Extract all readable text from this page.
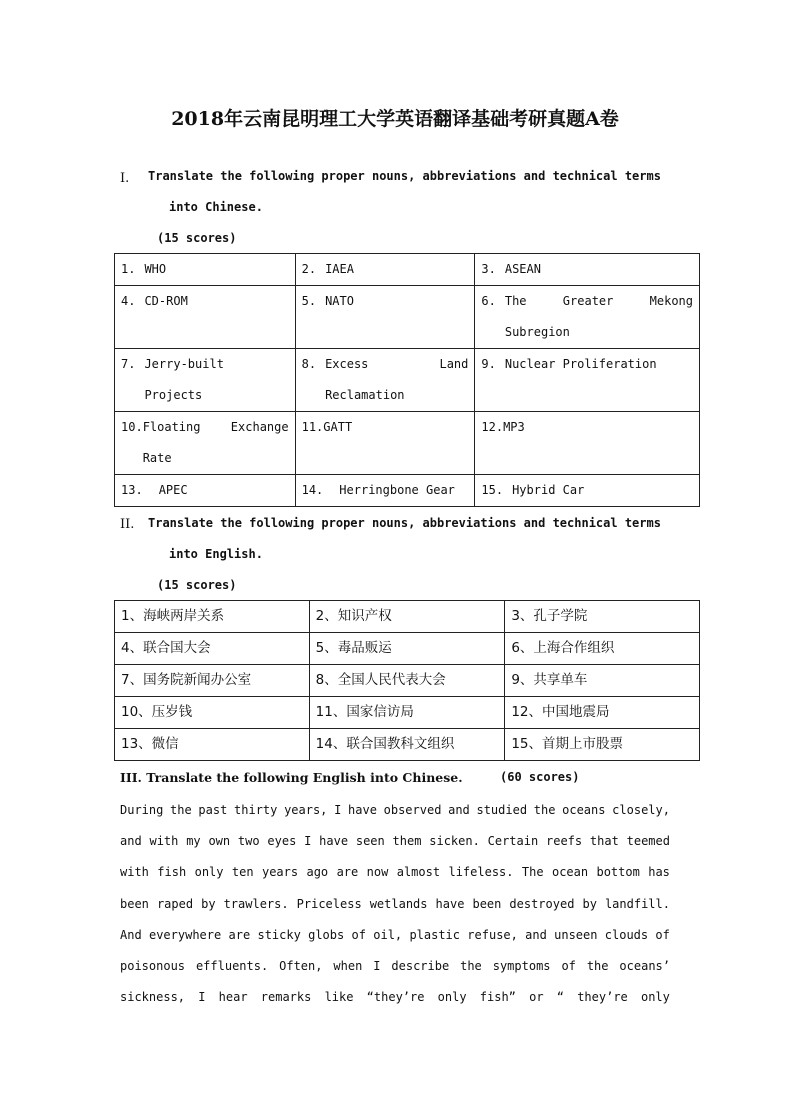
2018年云南昆明理工大学英语翻译基础考研真题A卷
I. Translate the following proper nouns, abbreviations and technical terms
into Chinese.
(15 scores)
1. WHO	2. IAEA	3. ASEAN

4. CD-ROM	5. NATO	6. The Greater Mekong Subregion

7. Jerry-built Projects	8. Excess Land Reclamation	9. Nuclear Proliferation

10. Floating Exchange Rate	11. GATT	12. MP3

13. APEC	14. Herringbone Gear	15. Hybrid Car
II. Translate the following proper nouns, abbreviations and technical terms
into English.
(15 scores)
1、海峡两岸关系	2、知识产权	3、孔子学院
4、联合国大会	5、毒品贩运	6、上海合作组织
7、国务院新闻办公室	8、全国人民代表大会	9、共享单车
10、压岁钱	11、国家信访局	12、中国地震局
13、微信	14、联合国教科文组织	15、首期上市股票
III. Translate the following English into Chinese.	(60 scores)
During the past thirty years, I have observed and studied the oceans closely,
and with my own two eyes I have seen them sicken. Certain reefs that teemed
with fish only ten years ago are now almost lifeless. The ocean bottom has
been raped by trawlers. Priceless wetlands have been destroyed by landfill.
And everywhere are sticky globs of oil, plastic refuse, and unseen clouds of
poisonous effluents. Often, when I describe the symptoms of the oceans’
sickness, I hear remarks like “they’re only fish” or “ they’re only
